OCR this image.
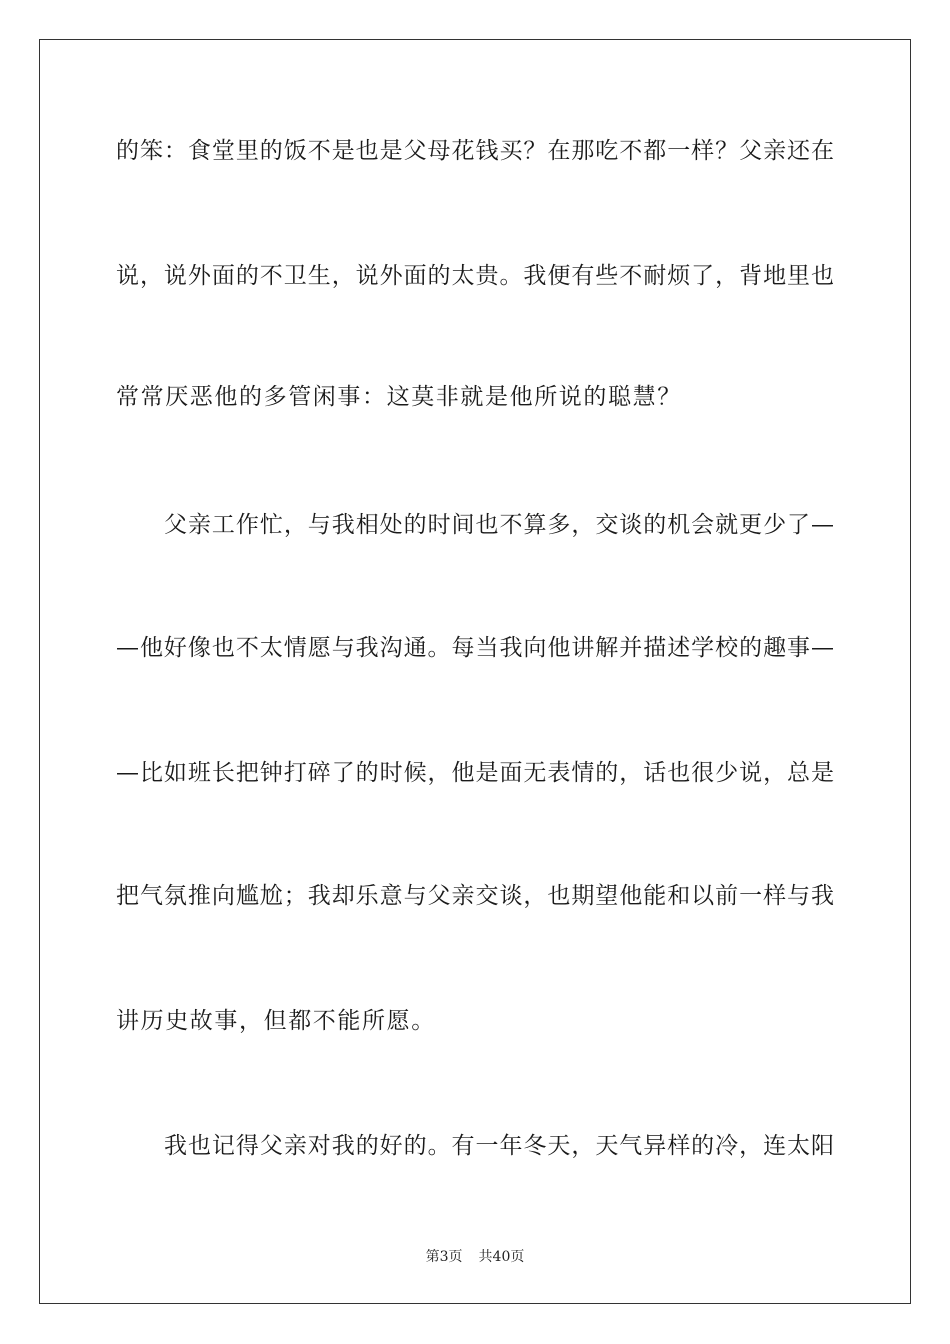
的笨：食堂里的饭不是也是父母花钱买？在那吃不都一样？父亲还在
说，说外面的不卫生，说外面的太贵。我便有些不耐烦了，背地里也
常常厌恶他的多管闲事：这莫非就是他所说的聪慧？
父亲工作忙，与我相处的时间也不算多，交谈的机会就更少了—
—他好像也不太情愿与我沟通。每当我向他讲解并描述学校的趣事—
—比如班长把钟打碎了的时候，他是面无表情的，话也很少说，总是
把气氛推向尴尬；我却乐意与父亲交谈，也期望他能和以前一样与我
讲历史故事，但都不能所愿。
我也记得父亲对我的好的。有一年冬天，天气异样的冷，连太阳
第3页 共40页
